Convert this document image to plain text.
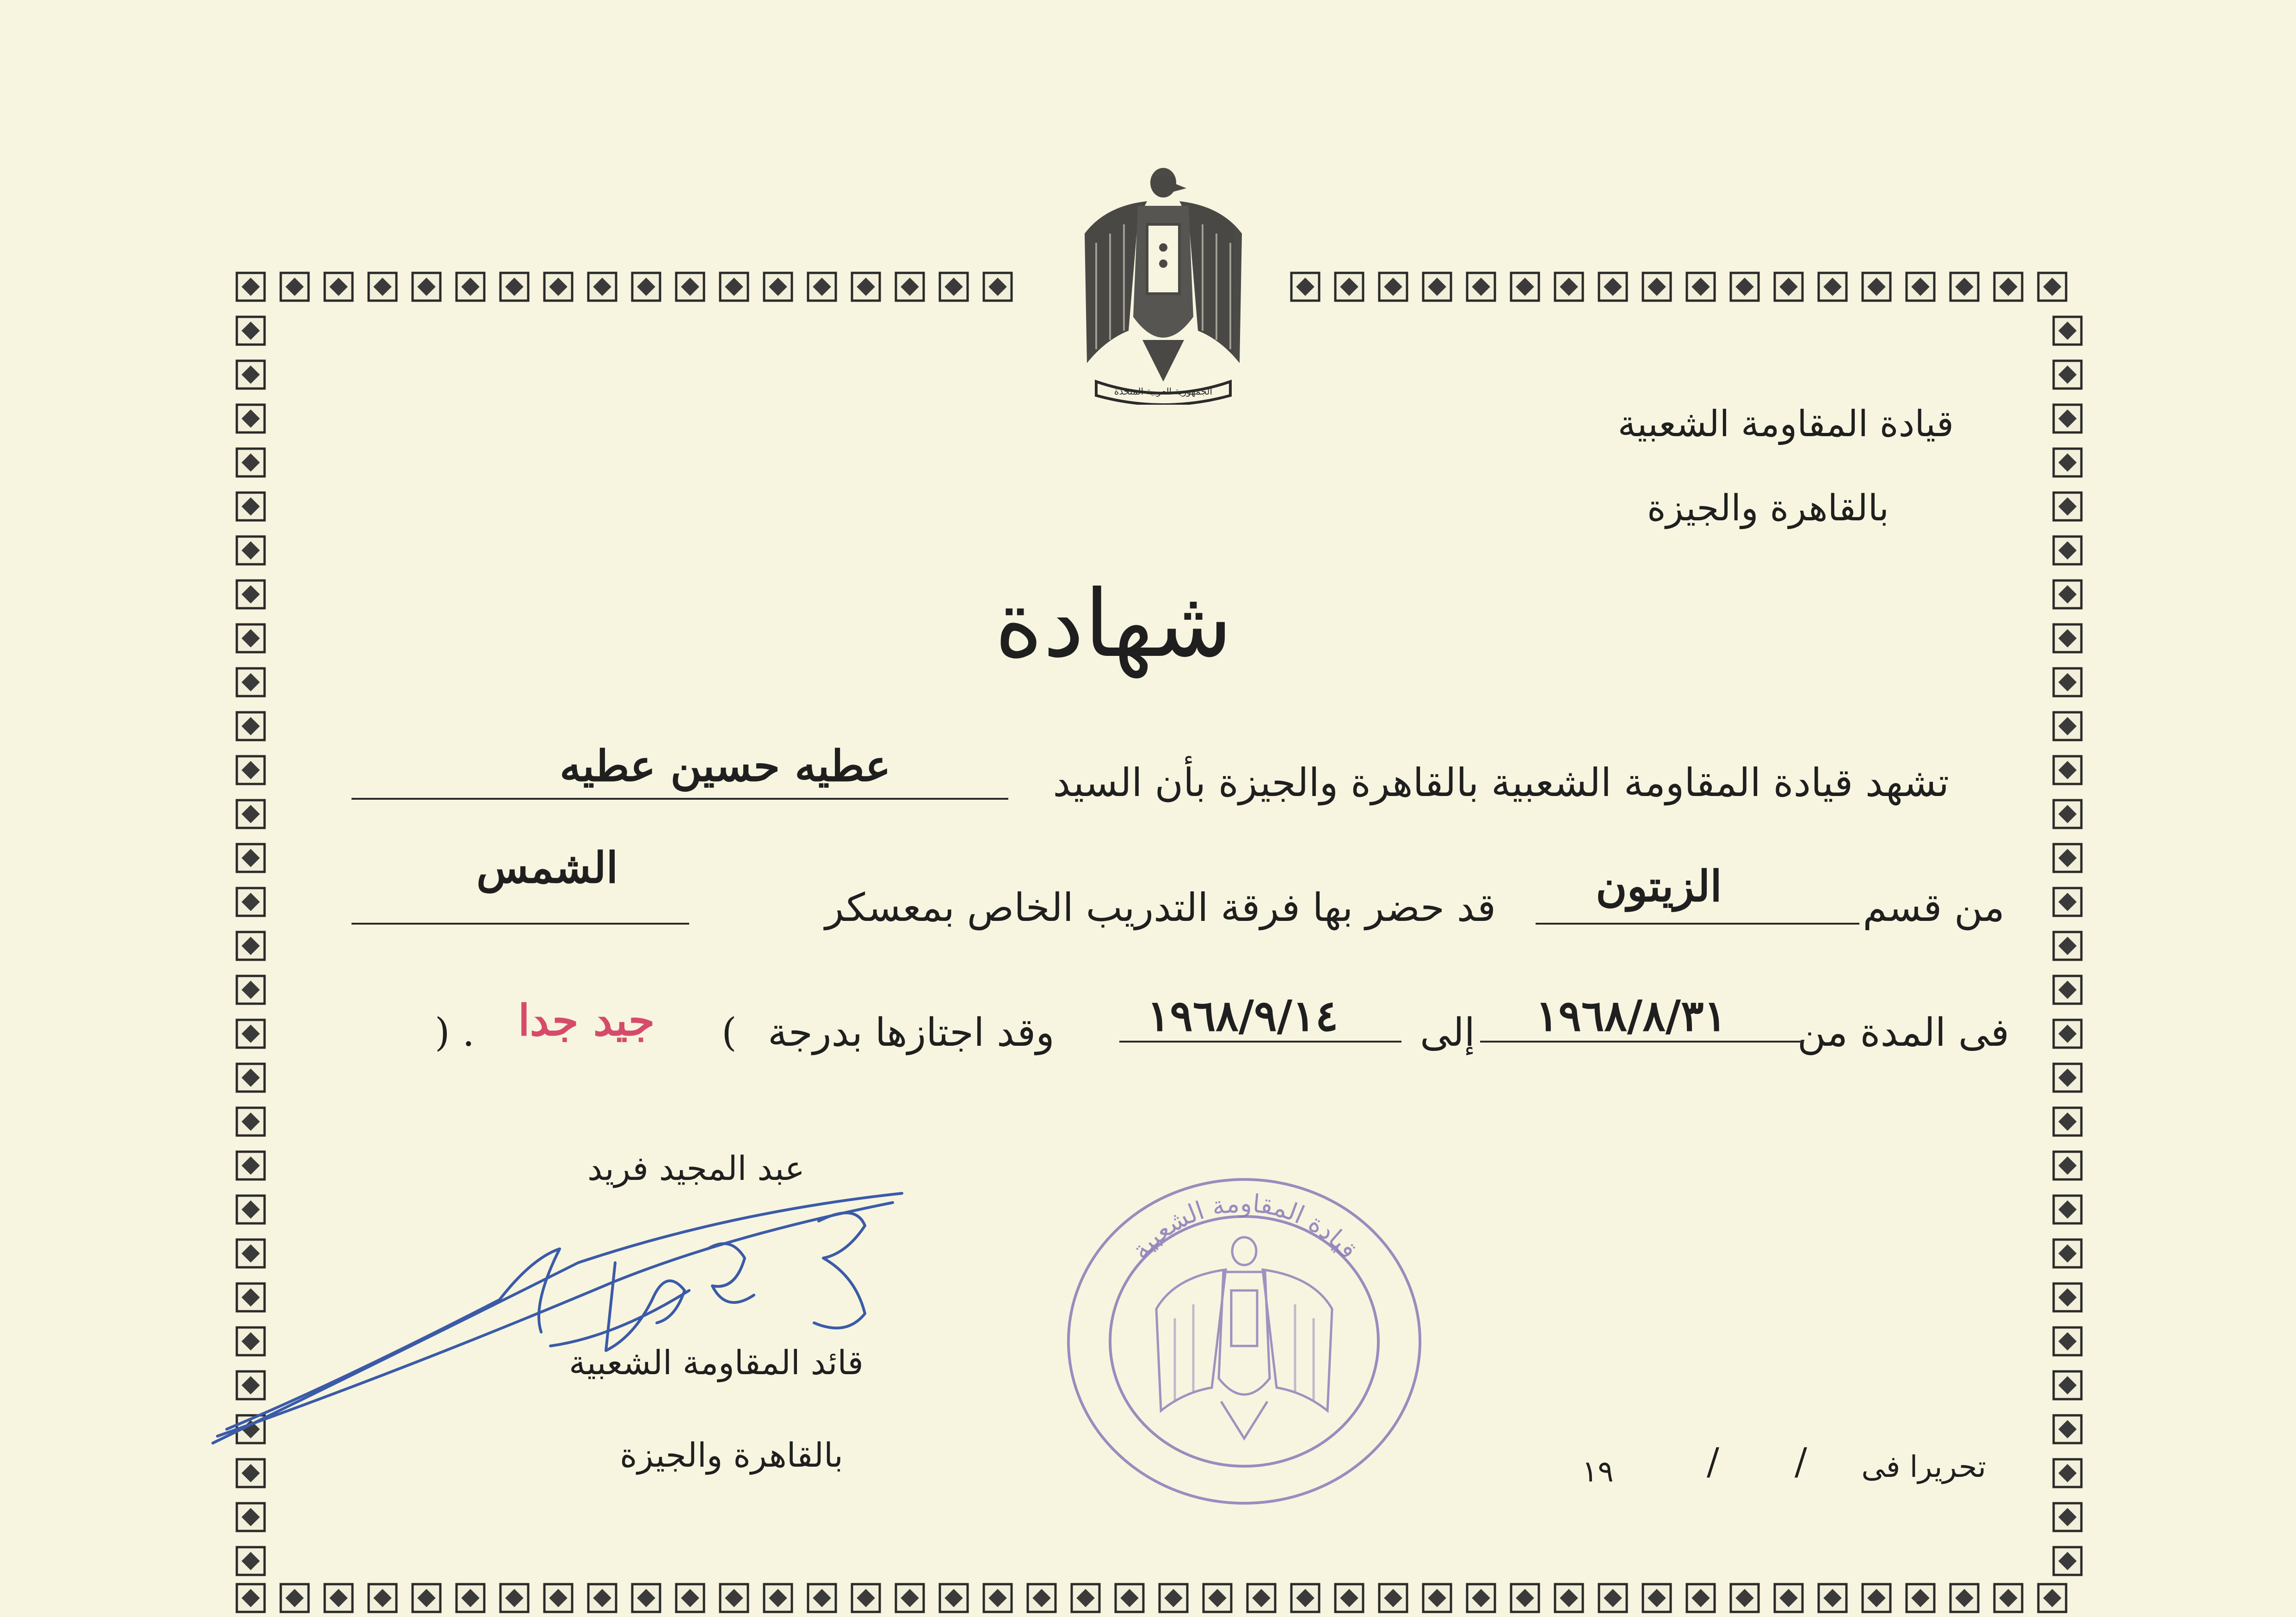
الجمهورية العربية المتحدة
قيادة المقاومة الشعبية
بالقاهرة والجيزة
شهادة
تشهد قيادة المقاومة الشعبية بالقاهرة والجيزة بأن السيد
عطيه حسين عطيه
من قسم
الزيتون
قد حضر بها فرقة التدريب الخاص بمعسكر
الشمس
فى المدة من
١٩٦٨/٨/٣١
إلى
١٩٦٨/٩/١٤
وقد اجتازها بدرجة
(
جيد جدا
) .
عبد المجيد فريد
قائد المقاومة الشعبية
بالقاهرة والجيزة
قيادة المقاومة الشعبية
تحريرا فى
/
/
١٩
